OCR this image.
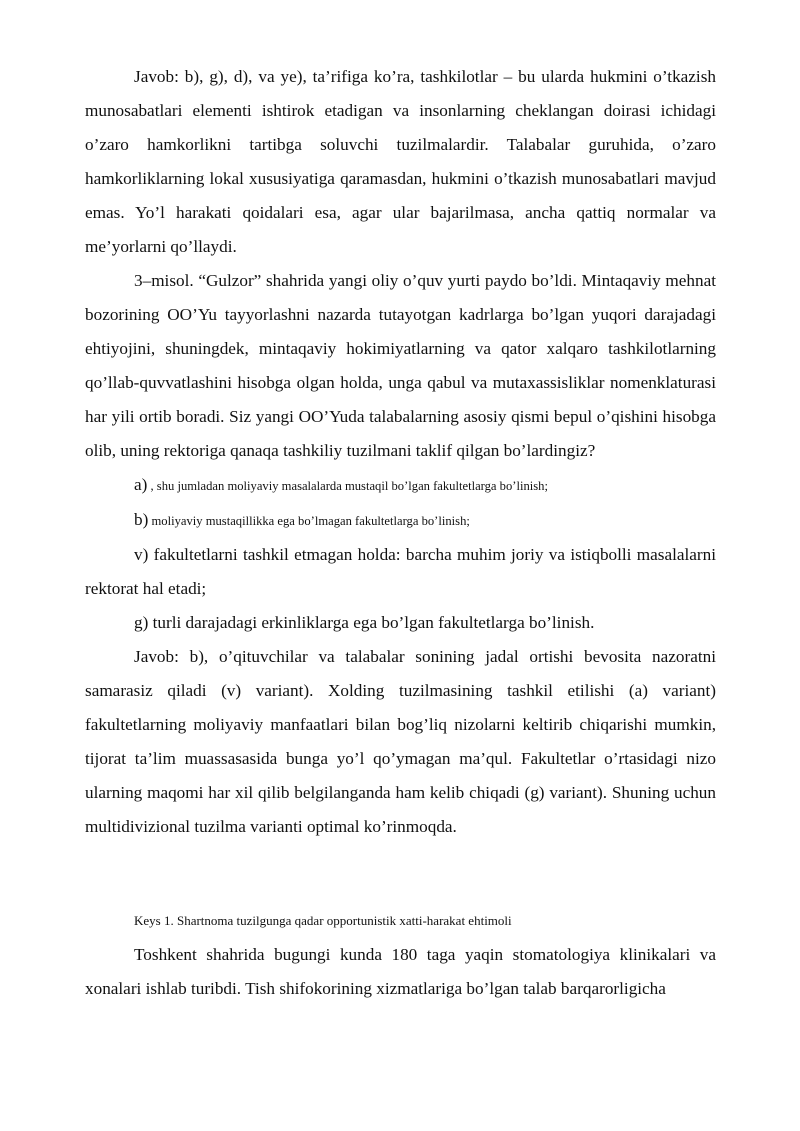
Javob: b), g), d), va ye), ta’rifiga ko’ra, tashkilotlar – bu ularda hukmini o’tkazish munosabatlari elementi ishtirok etadigan va insonlarning cheklangan doirasi ichidagi o’zaro hamkorlikni tartibga soluvchi tuzilmalardir. Talabalar guruhida, o’zaro hamkorliklarning lokal xususiyatiga qaramasdan, hukmini o’tkazish munosabatlari mavjud emas. Yo’l harakati qoidalari esa, agar ular bajarilmasa, ancha qattiq normalar va me’yorlarni qo’llaydi.

3–misol. “Gulzor” shahrida yangi oliy o’quv yurti paydo bo’ldi. Mintaqaviy mehnat bozorining OO’Yu tayyorlashni nazarda tutayotgan kadrlarga bo’lgan yuqori darajadagi ehtiyojini, shuningdek, mintaqaviy hokimiyatlarning va qator xalqaro tashkilotlarning qo’llab-quvvatlashini hisobga olgan holda, unga qabul va mutaxassisliklar nomenklaturasi har yili ortib boradi. Siz yangi OO’Yuda talabalarning asosiy qismi bepul o’qishini hisobga olib, uning rektoriga qanaqa tashkiliy tuzilmani taklif qilgan bo’lardingiz?

a) , shu jumladan moliyaviy masalalarda mustaqil bo’lgan fakultetlarga bo’linish;

b) moliyaviy mustaqillikka ega bo’lmagan fakultetlarga bo’linish;

v) fakultetlarni tashkil etmagan holda: barcha muhim joriy va istiqbolli masalalarni rektorat hal etadi;

g) turli darajadagi erkinliklarga ega bo’lgan fakultetlarga bo’linish.

Javob: b), o’qituvchilar va talabalar sonining jadal ortishi bevosita nazoratni samarasiz qiladi (v) variant). Xolding tuzilmasining tashkil etilishi (a) variant) fakultetlarning moliyaviy manfaatlari bilan bog’liq nizolarni keltirib chiqarishi mumkin, tijorat ta’lim muassasasida bunga yo’l qo’ymagan ma’qul. Fakultetlar o’rtasidagi nizo ularning maqomi har xil qilib belgilanganda ham kelib chiqadi (g) variant). Shuning uchun multidivizional tuzilma varianti optimal ko’rinmoqda.

Keys 1. Shartnoma tuzilgunga qadar opportunistik xatti-harakat ehtimoli

Toshkent shahrida bugungi kunda 180 taga yaqin stomatologiya klinikalari va xonalari ishlab turibdi. Tish shifokorining xizmatlariga bo’lgan talab barqarorligicha
